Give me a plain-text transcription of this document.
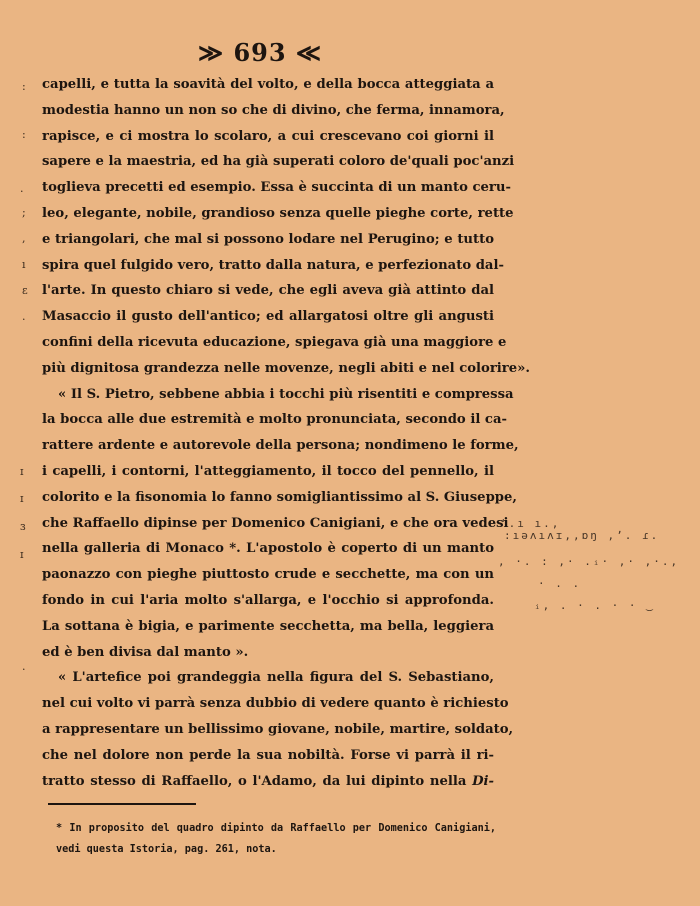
≫ 693 ≪
capelli, e tutta la soavità del volto, e della bocca atteggiata a
modestia hanno un non so che di divino, che ferma, innamora,
rapisce, e ci mostra lo scolaro, a cui crescevano coi giorni il
sapere e la maestria, ed ha già superati coloro de'quali poc'anzi
toglieva precetti ed esempio. Essa è succinta di un manto ceru-
leo, elegante, nobile, grandioso senza quelle pieghe corte, rette
e triangolari, che mal si possono lodare nel Perugino; e tutto
spira quel fulgido vero, tratto dalla natura, e perfezionato dal-
l'arte. In questo chiaro si vede, che egli aveva già attinto dal
Masaccio il gusto dell'antico; ed allargatosi oltre gli angusti
confini della ricevuta educazione, spiegava già una maggiore e
più dignitosa grandezza nelle movenze, negli abiti e nel colorire».
« Il S. Pietro, sebbene abbia i tocchi più risentiti e compressa
la bocca alle due estremità e molto pronunciata, secondo il ca-
rattere ardente e autorevole della persona; nondimeno le forme,
i capelli, i contorni, l'atteggiamento, il tocco del pennello, il
colorito e la fisonomia lo fanno somigliantissimo al S. Giuseppe,
che Raffaello dipinse per Domenico Canigiani, e che ora vedesi
nella galleria di Monaco *. L'apostolo è coperto di un manto
paonazzo con pieghe piuttosto crude e secchette, ma con un
fondo in cui l'aria molto s'allarga, e l'occhio si approfonda.
La sottana è bigia, e parimente secchetta, ma bella, leggiera
ed è ben divisa dal manto ».
« L'artefice poi grandeggia nella figura del S. Sebastiano,
nel cui volto vi parrà senza dubbio di vedere quanto è richiesto
a rappresentare un bellissimo giovane, nobile, martire, soldato,
che nel dolore non perde la sua nobiltà. Forse vi parrà il ri-
tratto stesso di Raffaello, o l'Adamo, da lui dipinto nella Di-
* In proposito del quadro dipinto da Raffaello per Domenico Canigiani,
vedi questa Istoria, pag. 261, nota.
:
:
.
;
,
ı
ɛ
.
ɪ
ɪ
ɜ
ɪ
.
'.ı ı.,
:ıəʌıʌɪ,,ɒŋ ,ʼ. ɾ.
, ·. : ,· .ᵢ· ,· ,·.,
· . .
ᵢ, . · . · · ‿
